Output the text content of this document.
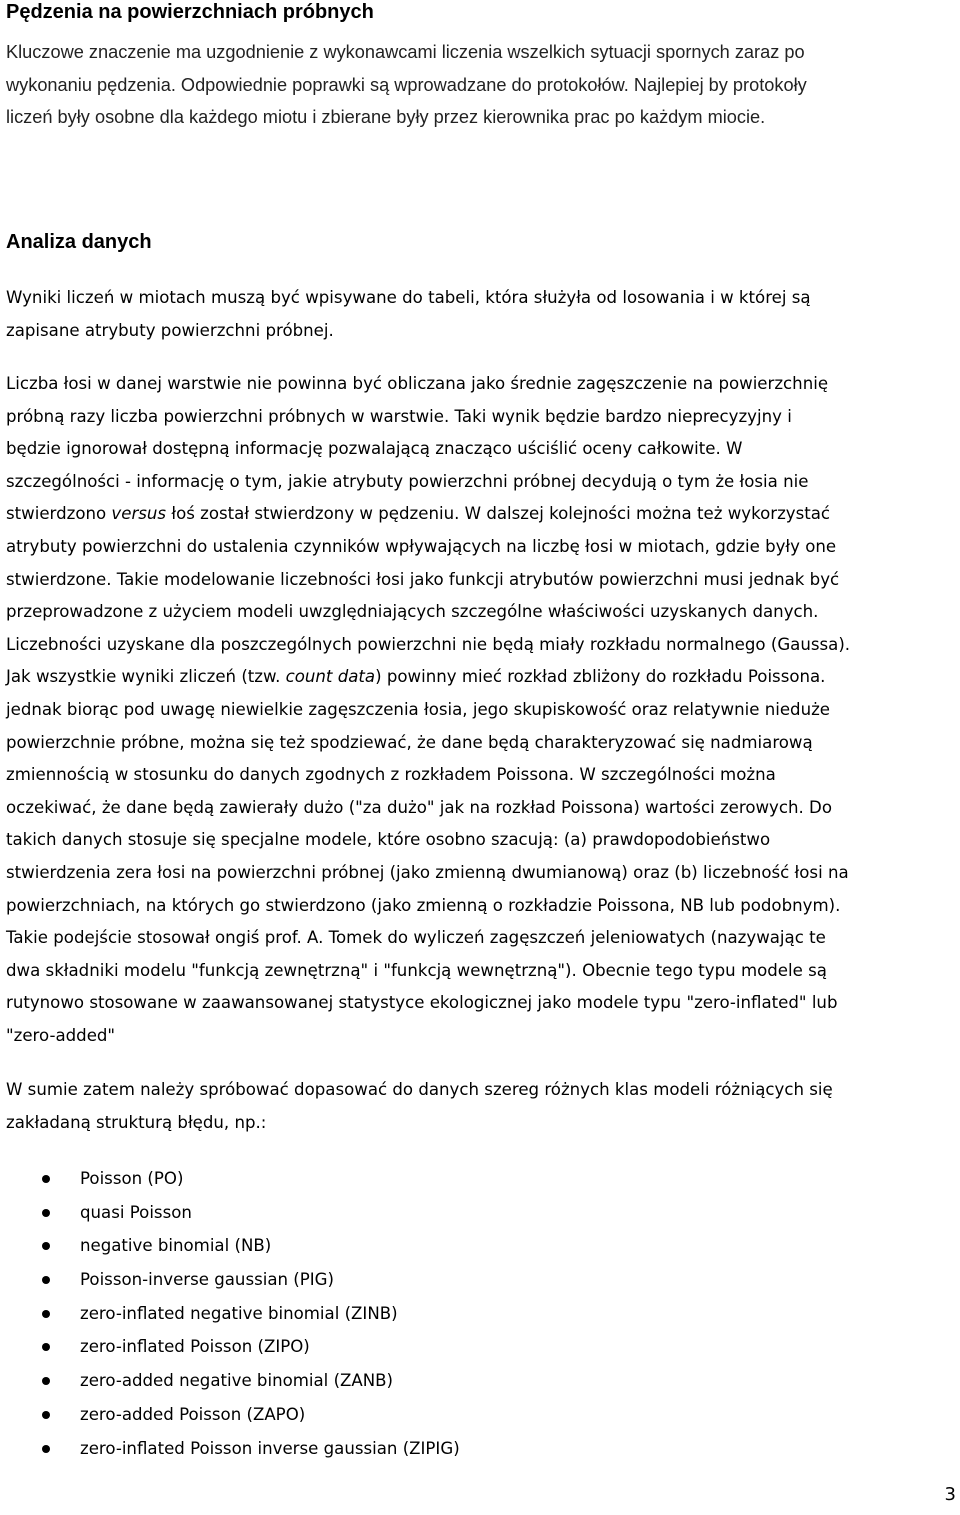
Pędzenia na powierzchniach próbnych

Kluczowe znaczenie ma uzgodnienie z wykonawcami liczenia wszelkich sytuacji spornych zaraz po
wykonaniu pędzenia. Odpowiednie poprawki są wprowadzane do protokołów. Najlepiej by protokoły
liczeń były osobne dla każdego miotu i zbierane były przez kierownika prac po każdym miocie.

Analiza danych

Wyniki liczeń w miotach muszą być wpisywane do tabeli, która służyła od losowania i w której są
zapisane atrybuty powierzchni próbnej.

Liczba łosi w danej warstwie nie powinna być obliczana jako średnie zagęszczenie na powierzchnię
próbną razy liczba powierzchni próbnych w warstwie. Taki wynik będzie bardzo nieprecyzyjny i
będzie ignorował dostępną informację pozwalającą znacząco uściślić oceny całkowite. W
szczególności - informację o tym, jakie atrybuty powierzchni próbnej decydują o tym że łosia nie
stwierdzono versus łoś został stwierdzony w pędzeniu. W dalszej kolejności można też wykorzystać
atrybuty powierzchni do ustalenia czynników wpływających na liczbę łosi w miotach, gdzie były one
stwierdzone. Takie modelowanie liczebności łosi jako funkcji atrybutów powierzchni musi jednak być
przeprowadzone z użyciem modeli uwzględniających szczególne właściwości uzyskanych danych.
Liczebności uzyskane dla poszczególnych powierzchni nie będą miały rozkładu normalnego (Gaussa).
Jak wszystkie wyniki zliczeń (tzw. count data) powinny mieć rozkład zbliżony do rozkładu Poissona.
jednak biorąc pod uwagę niewielkie zagęszczenia łosia, jego skupiskowość oraz relatywnie nieduże
powierzchnie próbne, można się też spodziewać, że dane będą charakteryzować się nadmiarową
zmiennością w stosunku do danych zgodnych z rozkładem Poissona. W szczególności można
oczekiwać, że dane będą zawierały dużo ("za dużo" jak na rozkład Poissona) wartości zerowych. Do
takich danych stosuje się specjalne modele, które osobno szacują: (a) prawdopodobieństwo
stwierdzenia zera łosi na powierzchni próbnej (jako zmienną dwumianową) oraz (b) liczebność łosi na
powierzchniach, na których go stwierdzono (jako zmienną o rozkładzie Poissona, NB lub podobnym).
Takie podejście stosował ongiś prof. A. Tomek do wyliczeń zagęszczeń jeleniowatych (nazywając te
dwa składniki modelu "funkcją zewnętrzną" i "funkcją wewnętrzną"). Obecnie tego typu modele są
rutynowo stosowane w zaawansowanej statystyce ekologicznej jako modele typu "zero-inflated" lub
"zero-added"

W sumie zatem należy spróbować dopasować do danych szereg różnych klas modeli różniących się
zakładaną strukturą błędu, np.:

Poisson (PO)
quasi Poisson
negative binomial (NB)
Poisson-inverse gaussian (PIG)
zero-inflated negative binomial (ZINB)
zero-inflated Poisson (ZIPO)
zero-added negative binomial (ZANB)
zero-added Poisson (ZAPO)
zero-inflated Poisson inverse gaussian (ZIPIG)
3
